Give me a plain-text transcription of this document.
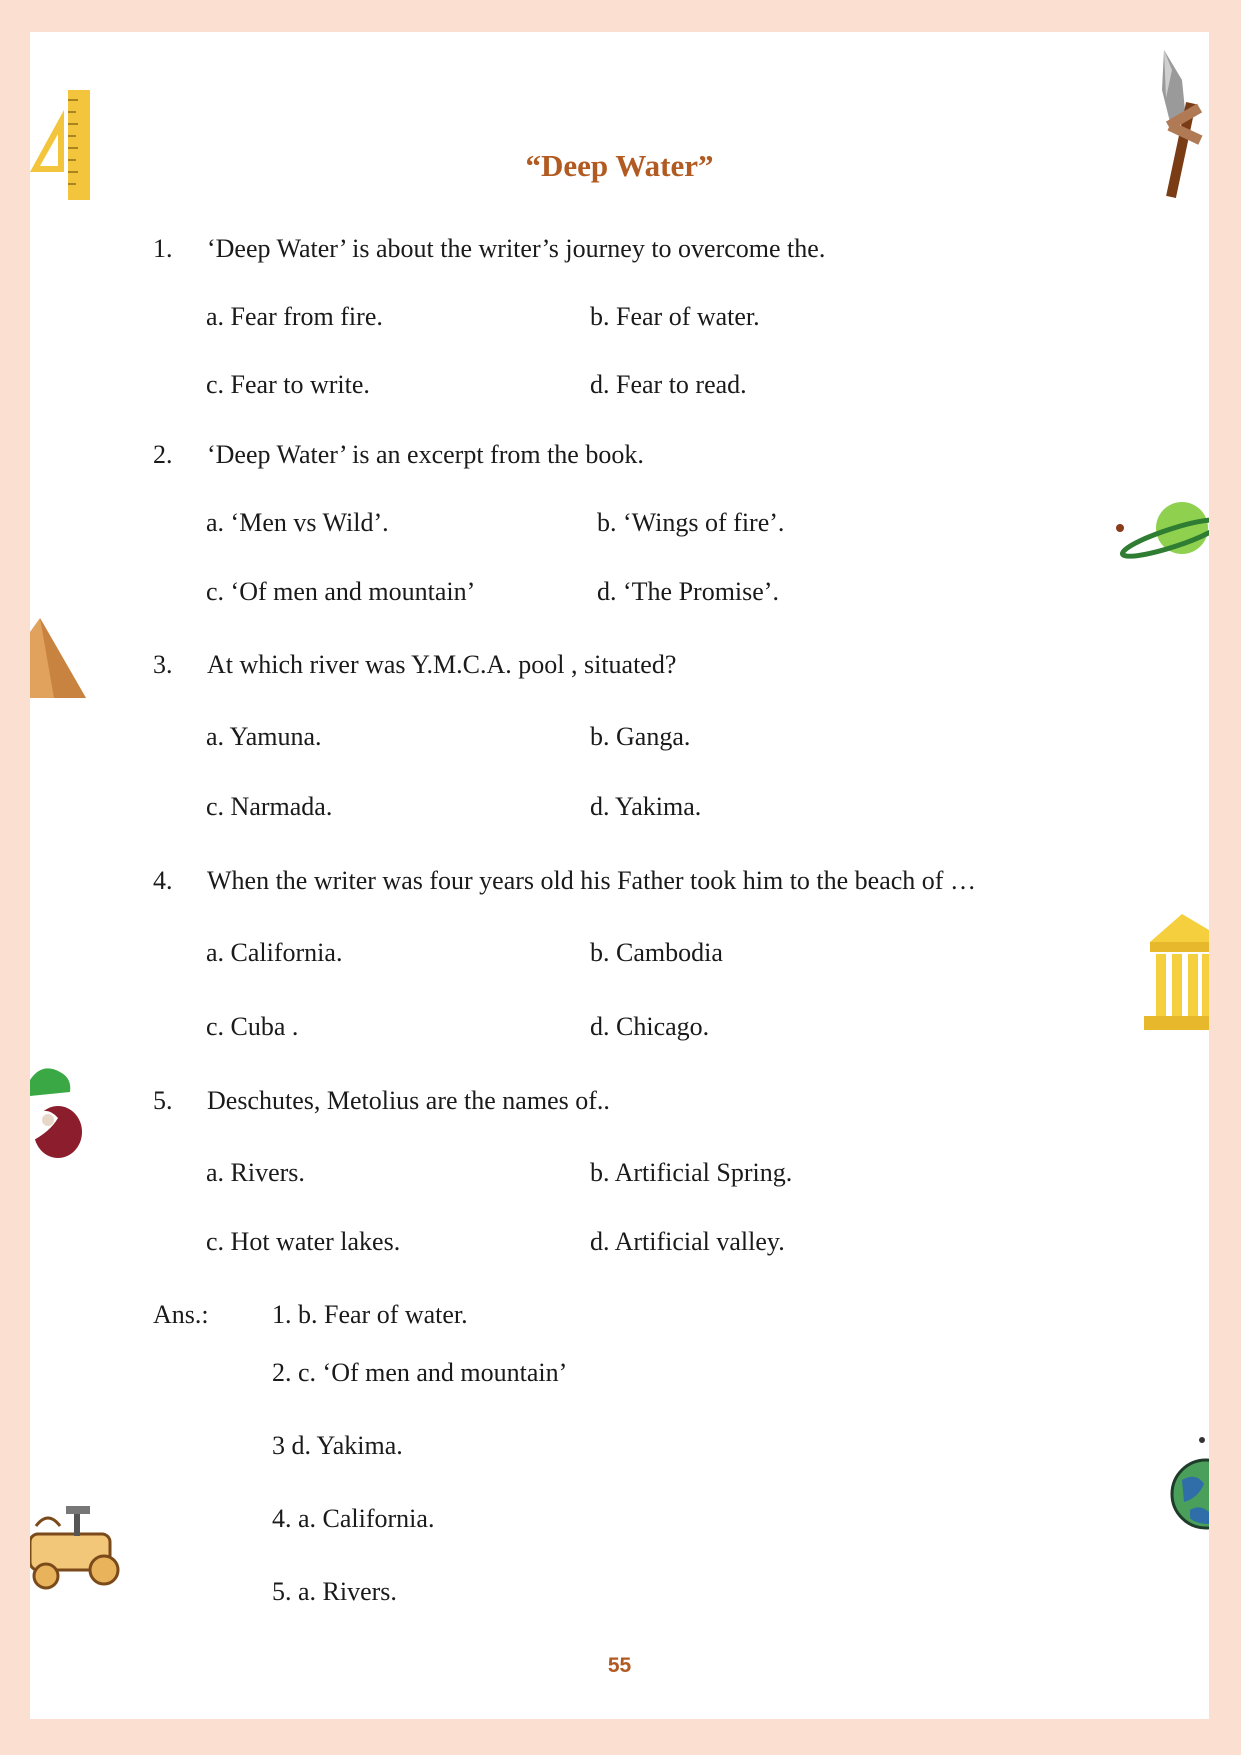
“Deep Water”
1. ‘Deep Water’ is about the writer’s journey to overcome the.
a. Fear from fire.	b. Fear of water.
c. Fear to write.	d. Fear to read.
2. ‘Deep Water’ is an excerpt from the book.
a. ‘Men vs Wild’.	b. ‘Wings of fire’.
c. ‘Of men and mountain’	d. ‘The Promise’.
3. At which river was Y.M.C.A. pool , situated?
a. Yamuna.	b. Ganga.
c. Narmada.	d. Yakima.
4. When the writer was four years old his Father took him to the beach of …
a. California.	b. Cambodia
c. Cuba .	d. Chicago.
5. Deschutes, Metolius are the names of..
a. Rivers.	b. Artificial Spring.
c. Hot water lakes.	d. Artificial valley.
Ans.: 1. b. Fear of water.
2. c. ‘Of men and mountain’
3 d. Yakima.
4. a. California.
5. a. Rivers.
55
